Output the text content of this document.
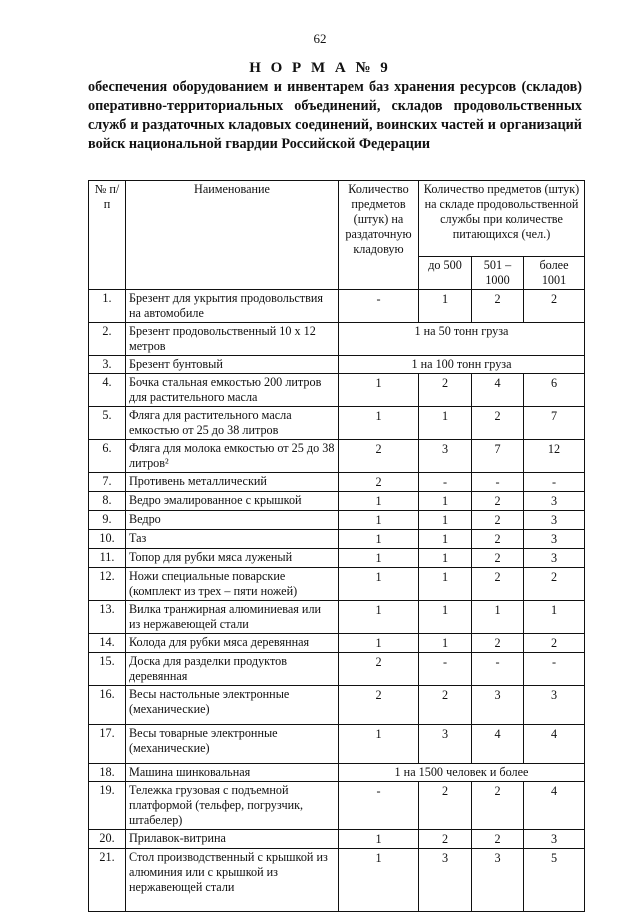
62
Н О Р М А № 9
обеспечения оборудованием и инвентарем баз хранения ресурсов (складов) оперативно-территориальных объединений, складов продовольственных служб и раздаточных кладовых соединений, воинских частей и организаций войск национальной гвардии Российской Федерации
№ п/п	Наименование	Количество предметов (штук) на раздаточную кладовую	Количество предметов (штук) на складе продовольственной службы при количестве питающихся (чел.)		
			до 500	501 – 1000	более 1001
1.	Брезент для укрытия продовольствия на автомобиле	-	1	2	2
2.	Брезент продовольственный 10 х 12 метров	1 на 50 тонн груза			
3.	Брезент бунтовый	1 на 100 тонн груза			
4.	Бочка стальная емкостью 200 литров для растительного масла	1	2	4	6
5.	Фляга для растительного масла емкостью от 25 до 38 литров	1	1	2	7
6.	Фляга для молока емкостью от 25 до 38 литров²	2	3	7	12
7.	Противень металлический	2	-	-	-
8.	Ведро эмалированное с крышкой	1	1	2	3
9.	Ведро	1	1	2	3
10.	Таз	1	1	2	3
11.	Топор для рубки мяса луженый	1	1	2	3
12.	Ножи специальные поварские (комплект из трех – пяти ножей)	1	1	2	2
13.	Вилка транжирная алюминиевая или из нержавеющей стали	1	1	1	1
14.	Колода для рубки мяса деревянная	1	1	2	2
15.	Доска для разделки продуктов деревянная	2	-	-	-
16.	Весы настольные электронные (механические)	2	2	3	3
17.	Весы товарные электронные (механические)	1	3	4	4
18.	Машина шинковальная	1 на 1500 человек и более			
19.	Тележка грузовая с подъемной платформой (тельфер, погрузчик, штабелер)	-	2	2	4
20.	Прилавок-витрина	1	2	2	3
21.	Стол производственный с крышкой из алюминия или с крышкой из нержавеющей стали	1	3	3	5
